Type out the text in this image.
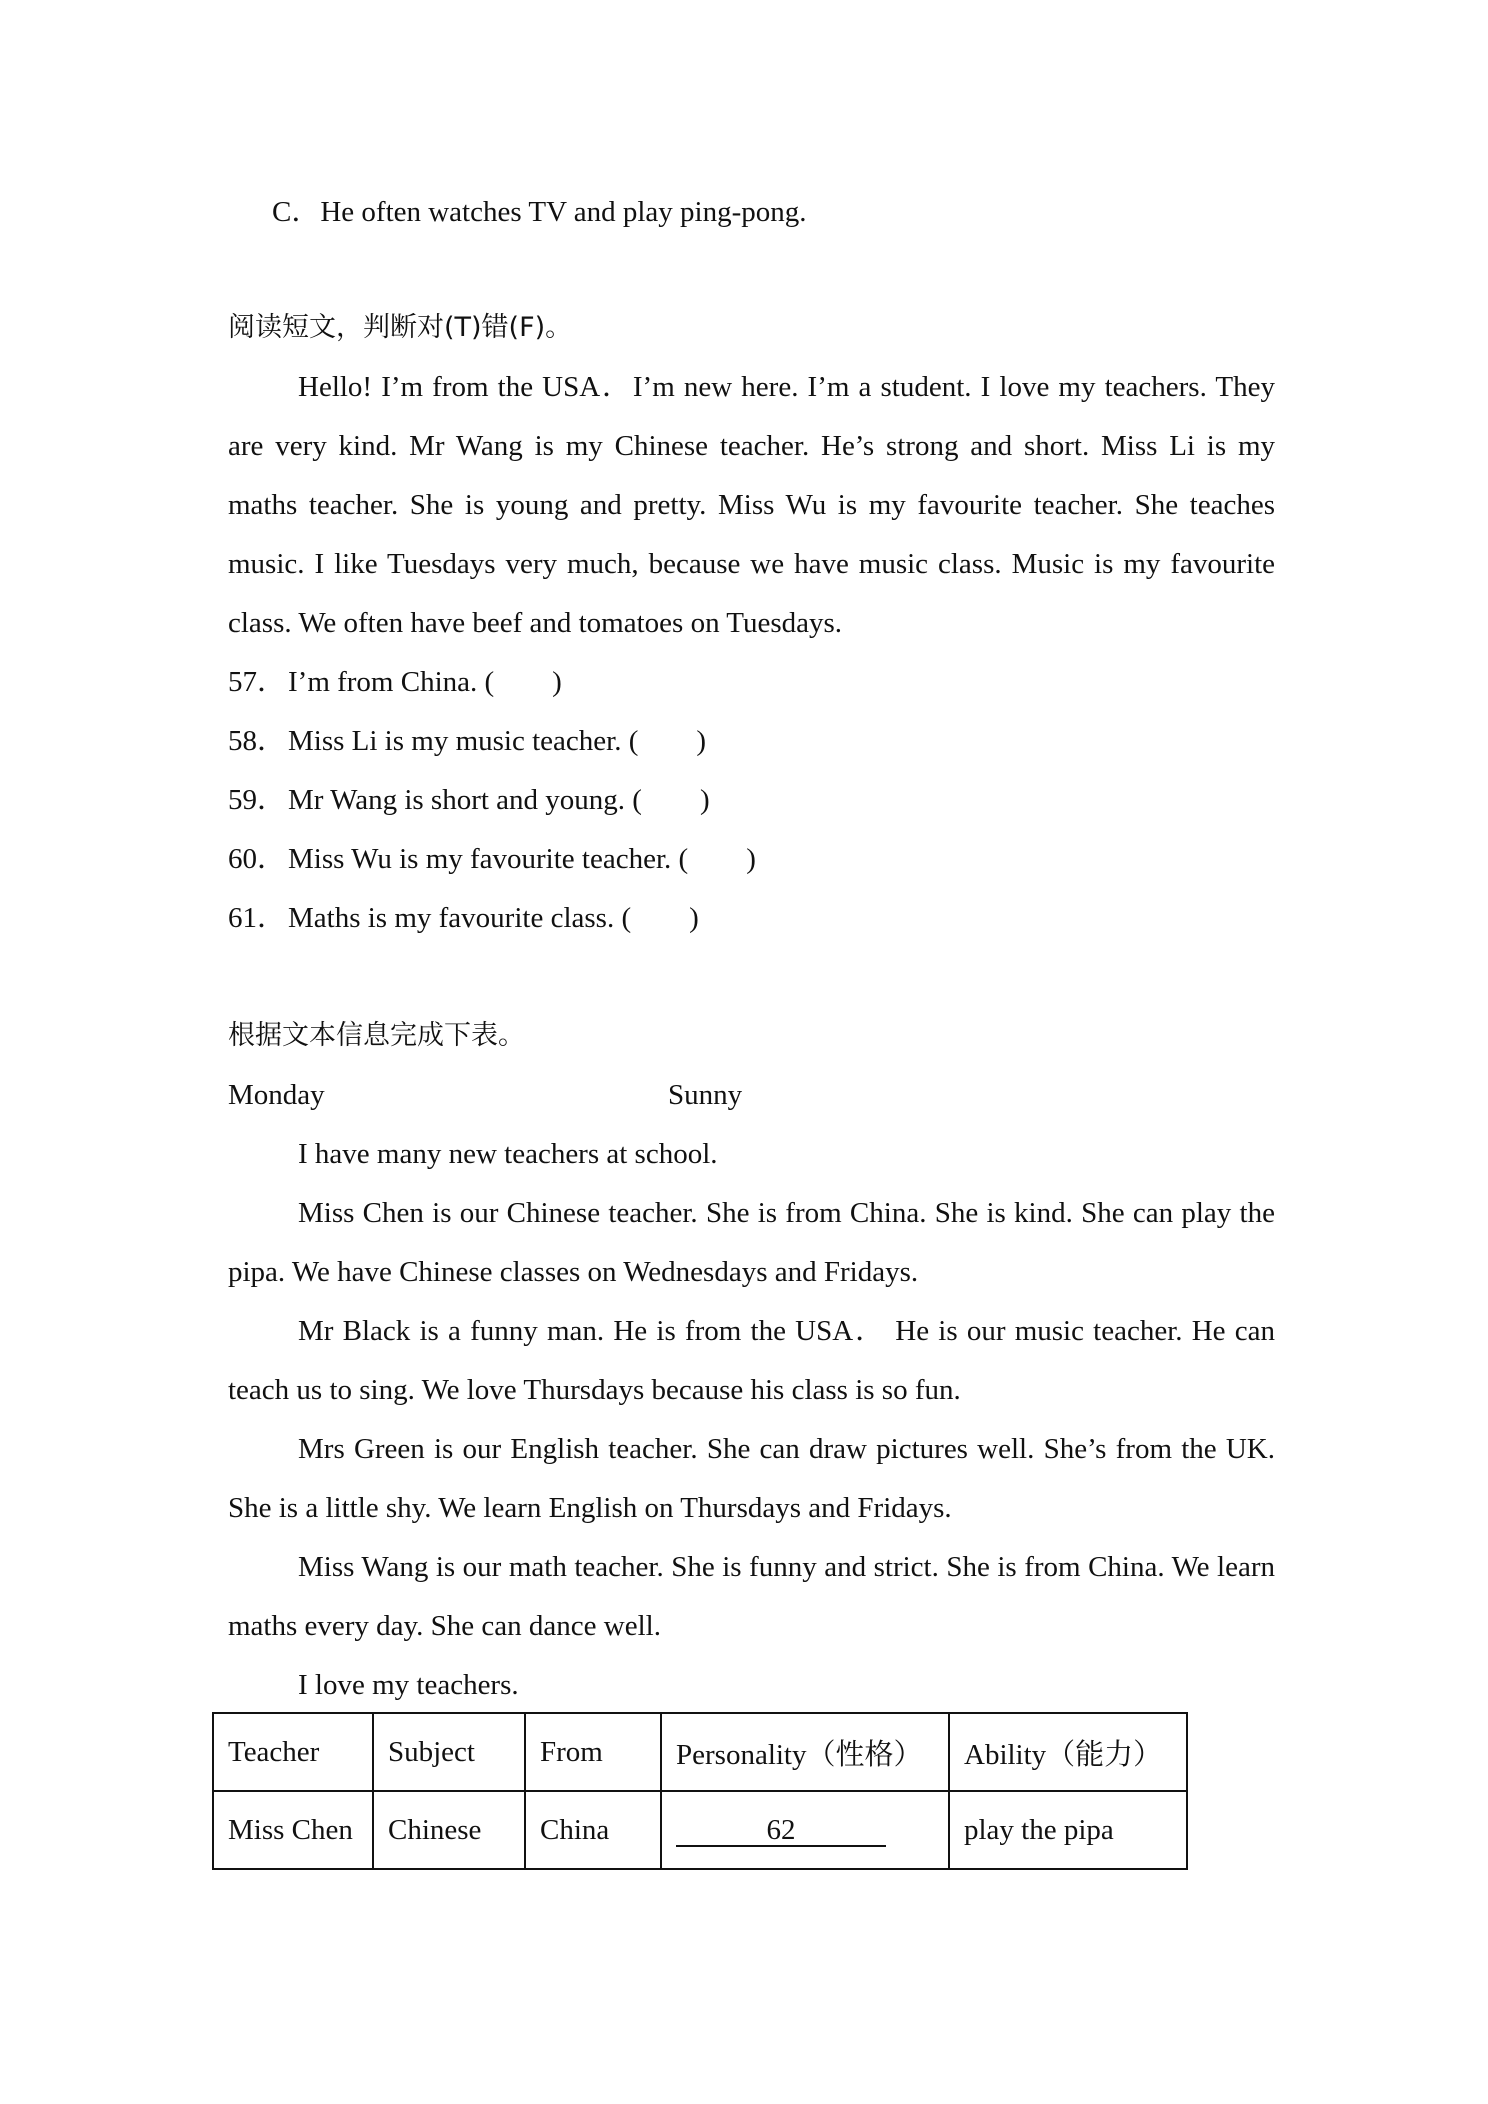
C．He often watches TV and play ping-pong.
阅读短文，判断对(T)错(F)。
Hello! I’m from the USA．I’m new here. I’m a student. I love my teachers. They are very kind. Mr Wang is my Chinese teacher. He’s strong and short. Miss Li is my maths teacher. She is young and pretty. Miss Wu is my favourite teacher. She teaches music. I like Tuesdays very much, because we have music class. Music is my favourite class. We often have beef and tomatoes on Tuesdays.
57．I’m from China. ( )
58．Miss Li is my music teacher. ( )
59．Mr Wang is short and young. ( )
60．Miss Wu is my favourite teacher. ( )
61．Maths is my favourite class. ( )
根据文本信息完成下表。
Monday	Sunny
I have many new teachers at school.
Miss Chen is our Chinese teacher. She is from China. She is kind. She can play the pipa. We have Chinese classes on Wednesdays and Fridays.
Mr Black is a funny man. He is from the USA． He is our music teacher. He can teach us to sing. We love Thursdays because his class is so fun.
Mrs Green is our English teacher. She can draw pictures well. She’s from the UK. She is a little shy. We learn English on Thursdays and Fridays.
Miss Wang is our math teacher. She is funny and strict. She is from China. We learn maths every day. She can dance well.
I love my teachers.
Teacher	Subject	From	Personality（性格）	Ability（能力）
Miss Chen	Chinese	China	62	play the pipa
